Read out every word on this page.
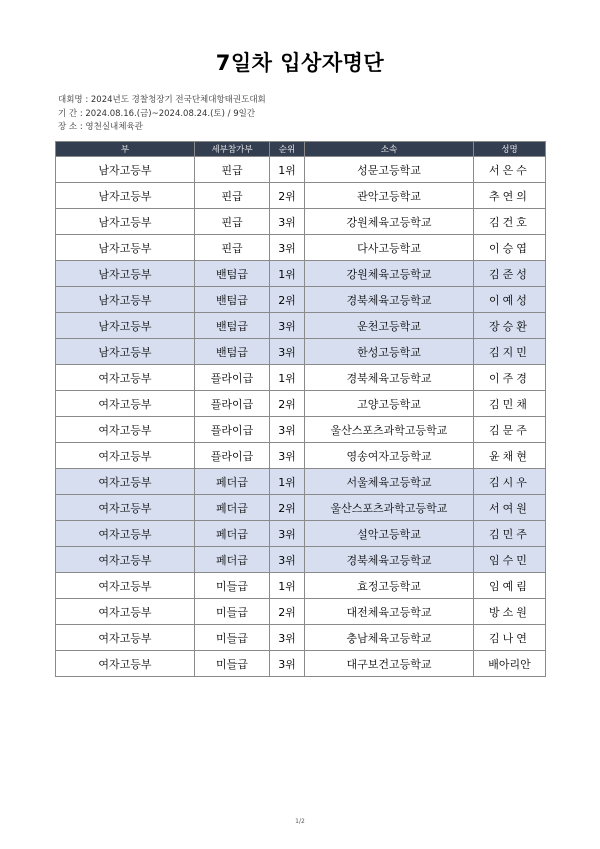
7일차 입상자명단
대회명 : 2024년도 경찰청장기 전국단체대항태권도대회
기 간 : 2024.08.16.(금)~2024.08.24.(토) / 9일간
장 소 : 영천실내체육관
부	세부참가부	순위	소속	성명
남자고등부	핀급	1위	성문고등학교	서은수
남자고등부	핀급	2위	관악고등학교	추연의
남자고등부	핀급	3위	강원체육고등학교	김건호
남자고등부	핀급	3위	다사고등학교	이승엽
남자고등부	밴텀급	1위	강원체육고등학교	김준성
남자고등부	밴텀급	2위	경북체육고등학교	이예성
남자고등부	밴텀급	3위	운천고등학교	장승환
남자고등부	밴텀급	3위	한성고등학교	김지민
여자고등부	플라이급	1위	경북체육고등학교	이주경
여자고등부	플라이급	2위	고양고등학교	김민채
여자고등부	플라이급	3위	울산스포츠과학고등학교	김문주
여자고등부	플라이급	3위	영송여자고등학교	윤채현
여자고등부	페더급	1위	서울체육고등학교	김시우
여자고등부	페더급	2위	울산스포츠과학고등학교	서여원
여자고등부	페더급	3위	설악고등학교	김민주
여자고등부	페더급	3위	경북체육고등학교	임수민
여자고등부	미들급	1위	효정고등학교	임예림
여자고등부	미들급	2위	대전체육고등학교	방소원
여자고등부	미들급	3위	충남체육고등학교	김나연
여자고등부	미들급	3위	대구보건고등학교	배아리안
1/2
